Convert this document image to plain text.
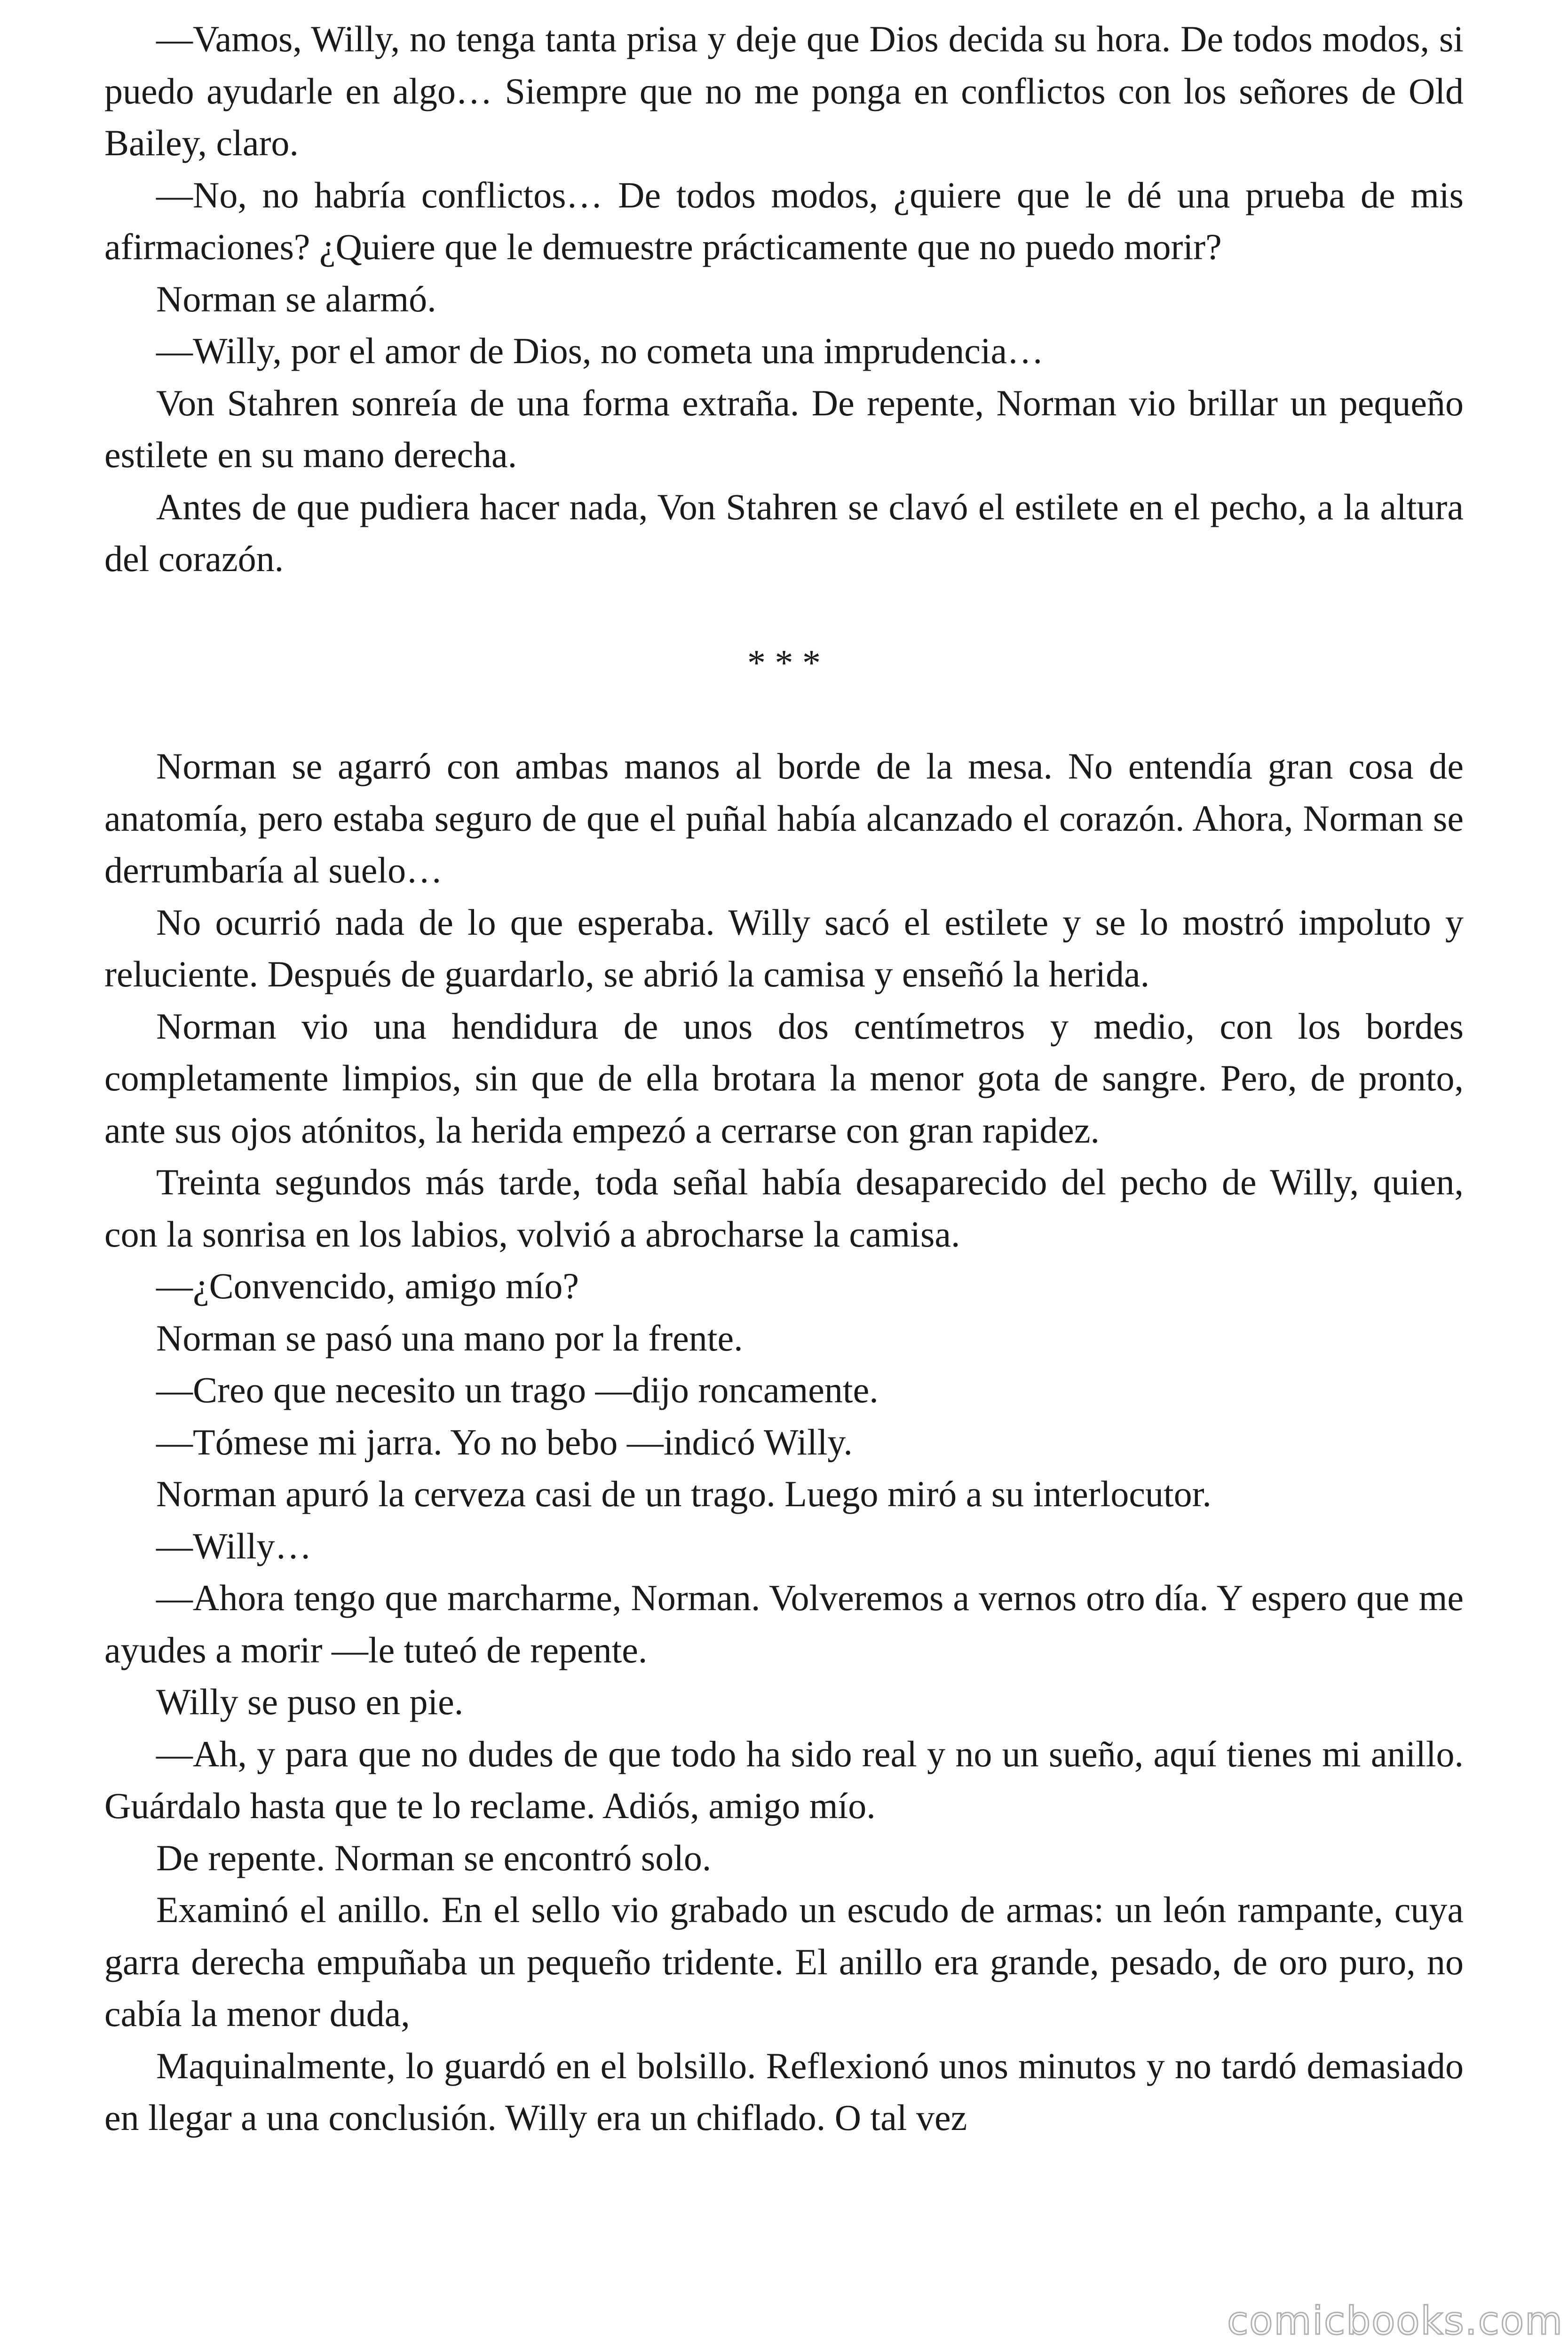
—Vamos, Willy, no tenga tanta prisa y deje que Dios decida su hora. De todos modos, si puedo ayudarle en algo… Siempre que no me ponga en conflictos con los señores de Old Bailey, claro.

—No, no habría conflictos… De todos modos, ¿quiere que le dé una prueba de mis afirmaciones? ¿Quiere que le demuestre prácticamente que no puedo morir?

Norman se alarmó.

—Willy, por el amor de Dios, no cometa una imprudencia…

Von Stahren sonreía de una forma extraña. De repente, Norman vio brillar un pequeño estilete en su mano derecha.

Antes de que pudiera hacer nada, Von Stahren se clavó el estilete en el pecho, a la altura del corazón.

* * *

Norman se agarró con ambas manos al borde de la mesa. No entendía gran cosa de anatomía, pero estaba seguro de que el puñal había alcanzado el corazón. Ahora, Norman se derrumbaría al suelo…

No ocurrió nada de lo que esperaba. Willy sacó el estilete y se lo mostró impoluto y reluciente. Después de guardarlo, se abrió la camisa y enseñó la herida.

Norman vio una hendidura de unos dos centímetros y medio, con los bordes completamente limpios, sin que de ella brotara la menor gota de sangre. Pero, de pronto, ante sus ojos atónitos, la herida empezó a cerrarse con gran rapidez.

Treinta segundos más tarde, toda señal había desaparecido del pecho de Willy, quien, con la sonrisa en los labios, volvió a abrocharse la camisa.

—¿Convencido, amigo mío?

Norman se pasó una mano por la frente.

—Creo que necesito un trago —dijo roncamente.

—Tómese mi jarra. Yo no bebo —indicó Willy.

Norman apuró la cerveza casi de un trago. Luego miró a su interlocutor.

—Willy…

—Ahora tengo que marcharme, Norman. Volveremos a vernos otro día. Y espero que me ayudes a morir —le tuteó de repente.

Willy se puso en pie.

—Ah, y para que no dudes de que todo ha sido real y no un sueño, aquí tienes mi anillo. Guárdalo hasta que te lo reclame. Adiós, amigo mío.

De repente. Norman se encontró solo.

Examinó el anillo. En el sello vio grabado un escudo de armas: un león rampante, cuya garra derecha empuñaba un pequeño tridente. El anillo era grande, pesado, de oro puro, no cabía la menor duda,

Maquinalmente, lo guardó en el bolsillo. Reflexionó unos minutos y no tardó demasiado en llegar a una conclusión. Willy era un chiflado. O tal vez

comicbooks.com
